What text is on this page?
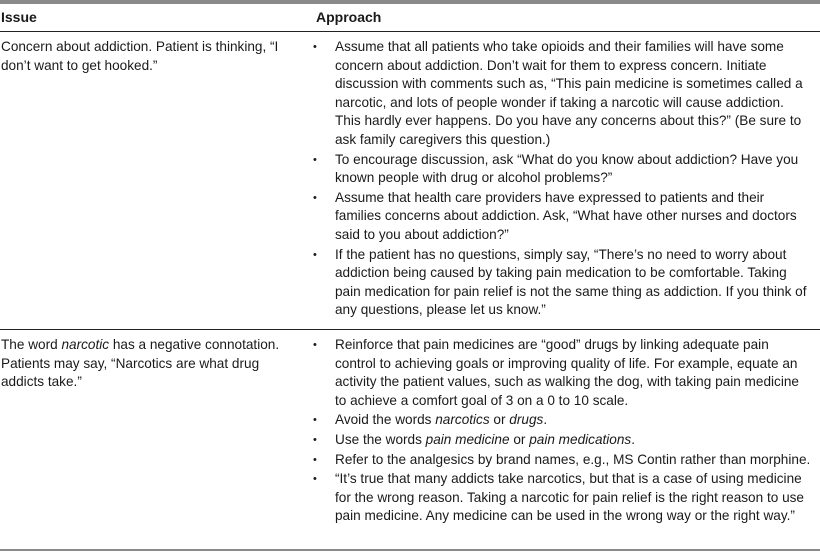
Issue	Approach
Concern about addiction. Patient is thinking, “I don’t want to get hooked.”
• Assume that all patients who take opioids and their families will have some concern about addiction. Don’t wait for them to express concern. Initiate discussion with comments such as, “This pain medicine is sometimes called a narcotic, and lots of people wonder if taking a narcotic will cause addiction. This hardly ever happens. Do you have any concerns about this?” (Be sure to ask family caregivers this question.)
• To encourage discussion, ask “What do you know about addiction? Have you known people with drug or alcohol problems?”
• Assume that health care providers have expressed to patients and their families concerns about addiction. Ask, “What have other nurses and doctors said to you about addiction?”
• If the patient has no questions, simply say, “There’s no need to worry about addiction being caused by taking pain medication to be comfortable. Taking pain medication for pain relief is not the same thing as addiction. If you think of any questions, please let us know.”
The word narcotic has a negative connotation. Patients may say, “Narcotics are what drug addicts take.”
• Reinforce that pain medicines are “good” drugs by linking adequate pain control to achieving goals or improving quality of life. For example, equate an activity the patient values, such as walking the dog, with taking pain medicine to achieve a comfort goal of 3 on a 0 to 10 scale.
• Avoid the words narcotics or drugs.
• Use the words pain medicine or pain medications.
• Refer to the analgesics by brand names, e.g., MS Contin rather than morphine.
• “It’s true that many addicts take narcotics, but that is a case of using medicine for the wrong reason. Taking a narcotic for pain relief is the right reason to use pain medicine. Any medicine can be used in the wrong way or the right way.”
